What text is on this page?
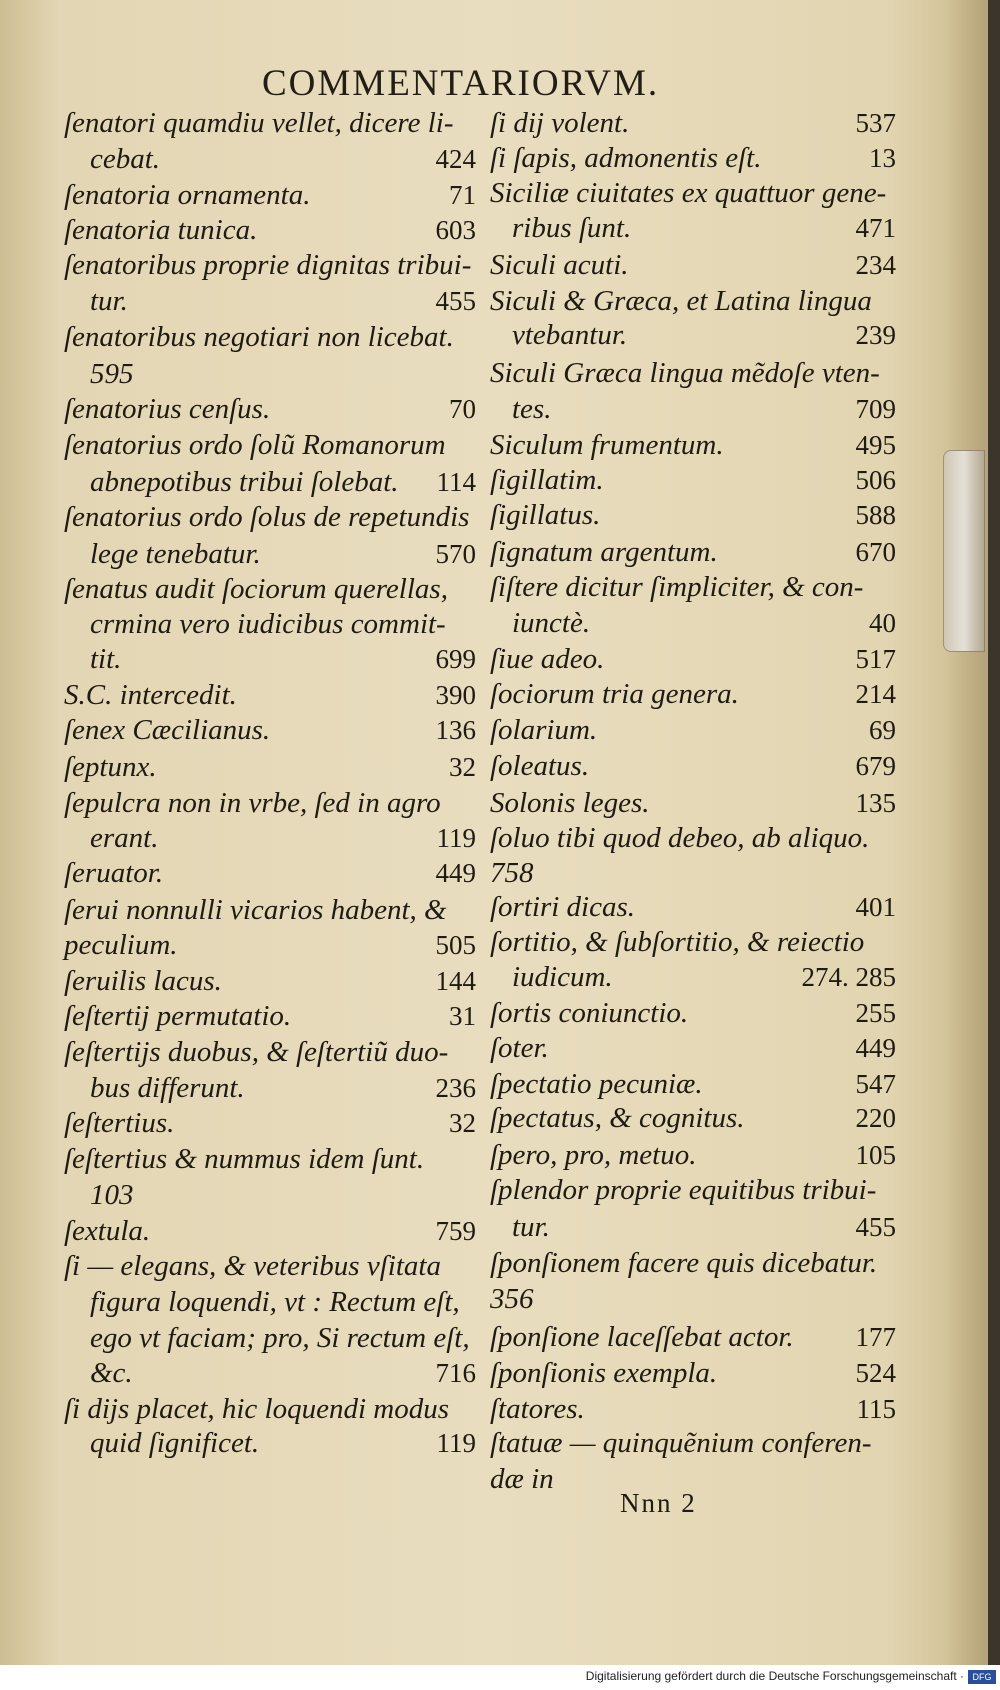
COMMENTARIORVM.
ſenatori quamdiu vellet, dicere li-
cebat.	424
ſenatoria ornamenta.	71
ſenatoria tunica.	603
ſenatoribus proprie dignitas tribui-
tur.	455
ſenatoribus negotiari non licebat.
595
ſenatorius cenſus.	70
ſenatorius ordo ſolũ Romanorum
abnepotibus tribui ſolebat. 114
ſenatorius ordo ſolus de repetundis
lege tenebatur.	570
ſenatus audit ſociorum querellas,
crmina vero iudicibus commit-
tit.	699
S.C. intercedit.	390
ſenex Cæcilianus.	136
ſeptunx.	32
ſepulcra non in vrbe, ſed in agro
erant.	119
ſeruator.	449
ſerui nonnulli vicarios habent, &
peculium.	505
ſeruilis lacus.	144
ſeſtertij permutatio.	31
ſeſtertijs duobus, & ſeſtertiũ duo-
bus differunt.	236
ſeſtertius.	32
ſeſtertius & nummus idem ſunt.
103
ſextula.	759
ſi — elegans, & veteribus vſitata
figura loquendi, vt : Rectum eſt,
ego vt faciam; pro, Si rectum eſt,
&c.	716
ſi dijs placet, hic loquendi modus
quid ſignificet.	119
ſi dij volent.	537
ſi ſapis, admonentis eſt.	13
Siciliæ ciuitates ex quattuor gene-
ribus ſunt.	471
Siculi acuti.	234
Siculi & Græca, et Latina lingua
vtebantur.	239
Siculi Græca lingua mẽdoſe vten-
tes.	709
Siculum frumentum.	495
ſigillatim.	506
ſigillatus.	588
ſignatum argentum.	670
ſiſtere dicitur ſimpliciter, & con-
iunctè.	40
ſiue adeo.	517
ſociorum tria genera.	214
ſolarium.	69
ſoleatus.	679
Solonis leges.	135
ſoluo tibi quod debeo, ab aliquo.
758
ſortiri dicas.	401
ſortitio, & ſubſortitio, & reiectio
iudicum.	274. 285
ſortis coniunctio.	255
ſoter.	449
ſpectatio pecuniæ.	547
ſpectatus, & cognitus.	220
ſpero, pro, metuo.	105
ſplendor proprie equitibus tribui-
tur.	455
ſponſionem facere quis dicebatur.
356
ſponſione laceſſebat actor. 177
ſponſionis exempla.	524
ſtatores.	115
ſtatuæ — quinquẽnium conferen-
dæ in
Nnn 2
Digitalisierung gefördert durch die Deutsche Forschungsgemeinschaft · DFG
